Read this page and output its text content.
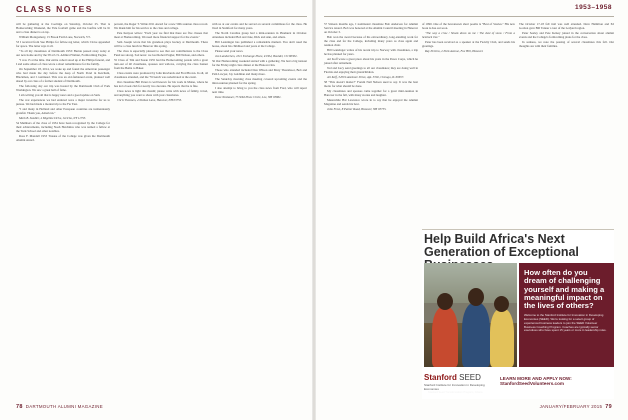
CLASS NOTES	1953–1958

will be gathering at the Coolidge on Saturday, October 25. That is Homecoming Weekend, the Yale football game and the bonfire will be lit and a class dinner is on tap.

William Montgomery, 15 Brook Farm Lane, Norwich, VT.

53 I received from Sue Philips for fellow-tag letter, which I have appended for space. The letter says it all.

"To all my classmates of Dartmouth 1953: Bernie passed away today at our new home and by the 58 at U.S. Admiral Walnut, Forthcoming Eagles.

"I was 15 at the time. Our entire cohort stood up at the Philips funeral, and I and some others of class wrote a short remembrance for the family.

On September 18, 2014, we woke up and found the American passenger who had made the day before the deep of North Pond in Ketchum, Blackman, and I continued. This was an old-fashioned event, planned well ahead by our class of a former student of Dartmouth.

The following day our trip was hosted by the Dartmouth Club of Park Washington. We saw a great hall of fame.

I am writing you all that is happy news and a good update on Sam.

The war experiences we had endured were a major incentive for us to pursue. We had made a modest trip to the Far East.

"I and many in Holland and other European countries are tremendously grateful. Thank you, American."

Mark B. Sandler, 4 Edgeline Drive, Jericho, NY 11753.

54 Members of the class of 1954 have been recognized by the College for their achievements, including Noah Hotchkiss who was named a fellow at the Tuck School and other notables.

Ross F. Mandell 1953 Trustee of the College was given the Dartmouth Alumni Award.

percent, the Roger T. Wilde 2011 Award for a new 50th reunion class record. We thank him for his service to the class and college.

Pete Kenyon writes: "Each year we find that there are five classes that meet at Homecoming. We need more financial support for the events."

Sam Joseph wrote that his grandson plays hockey at Dartmouth. There will be a class lunch in Hanover this spring.

The class is especially pleased to see that our contributions to the Class Fund are strong. Sad news: we lost Robert Engler, Bill Nelson, and others.

55 Class of Tim and Susan 1955 had the Homecoming parade with a great turn-out of 40 classmates, spouses and widows, carrying the class banner from the Bema to Baker.

Class events were promoted by John Rowlands and Fred Brown. In all, 42 classmates attended, and the '55 bench was rededicated at the event.

Our classmate Bill Peters is well known for his work in Maine, where he has led a book club for nearly two decades. He reports that he is fine.

Class news is light this month; please write with news of family, travel, and anything you want to share with your classmates.

Chris Thomsen, 4 Nathan Lane, Hanover, NH 03755.

with us at our events and he served on several committees for the class. He lived in Stamford for many years.

The North Carolina group had a mini-reunion in Pinehurst in October. Attendees included Bob and Jane, Dick and Ann, and others.

Bill Leutzinger has published a remarkable memoir. You don't need the house, about his childhood and years at the College.

Please send your news.

Jan Lambertsen, 1011 Exchange Place, #1304, Boulder, CO 80302.

56 Our Homecoming weekend started with a gathering. We had a big turnout for the Friday night class dinner at the Hanover Inn.

Those who attended included Don Wilson and Mary Thorsmoor, Bob and Pam Lawyer, Jay Goldman and many more.

The Saturday morning class meeting covered upcoming events and the mini-reunion planned for the spring.

I also attempt to bring to you the class news from Fred, who will report next time.

Dave Neubauer, 75 Wild Pines Circle, Lee, NH 03861.

57 Sixteen months ago, I nominated classmate Bob Anderson for Alumni Service Award. Bob was honored at the Alumni Council meeting in Hanover on October 3.

Bob won the award because of his extraordinary, long-standing work for the class and for the College, including many years as class agent and reunion chair.

Bill Leutzinger writes of his recent trip to Norway with classmates, a trip he has planned for years.

Art Koff wrote a great piece about his years in the Peace Corps, which he joined after retirement.

Ted and Lucy send greetings to all our classmates; they are doing well in Florida and enjoying their grandchildren.

Art Koff, 3450 Lakeshore Drive, Apt. 3302, Chicago, IL 60657.

58 "This doesn't matter!" Forum Neil Nelson used to say. It was the best motto for what should be done.

My classmates and spouses came together for a great mini-reunion in Hanover in the fall, with many stories and laughter.

Meanwhile Hal Lawrence wrote in to say that he enjoyed the Alumni Magazine and sends his best.

John Frost, 8 Parker Road, Hanover, NH 03755.

of 1990. One of the best-known short poems is "Best of Stories." His new book is due out soon.

"The way a crow / Shook down on me / The dust of snow / From a hemlock tree."

Peter has been received as a speaker at the Faculty Club, and sends his greetings.

Ray Pereira, 2 Park Avenue, Fox Hill, Hanover.

The October 17-18 fall trail was well attended. Dave Hamilton and Ed Gordon gave Bill Tanner a tour of the Ledyard region.

Peter Seeley and Pete Kelsey joined in the conversation about alumni events and the College's forthcoming plans for the class.

In sadness, we note the passing of several classmates this fall. Our thoughts are with their families.

Help Build Africa's Next Generation of Exceptional
Stanford Seed Transformation Program, Ghana
How often do you dream of challenging yourself and making a meaningful impact on the lives of others?
Welcome to the Stanford Institute for Innovation in Developing Economies (SEED). We're looking for a select group of experienced business leaders to join the SEED Volunteer Business Coaching Program. Coaches are typically senior executives who have spent 15 years or more in leadership roles.
Stanford SEED
Stanford Institute for Innovation in Developing Economies
LEARN MORE AND APPLY NOW: StanfordSeedVolunteers.com
78 DARTMOUTH ALUMNI MAGAZINE	JANUARY/FEBRUARY 2015 79
